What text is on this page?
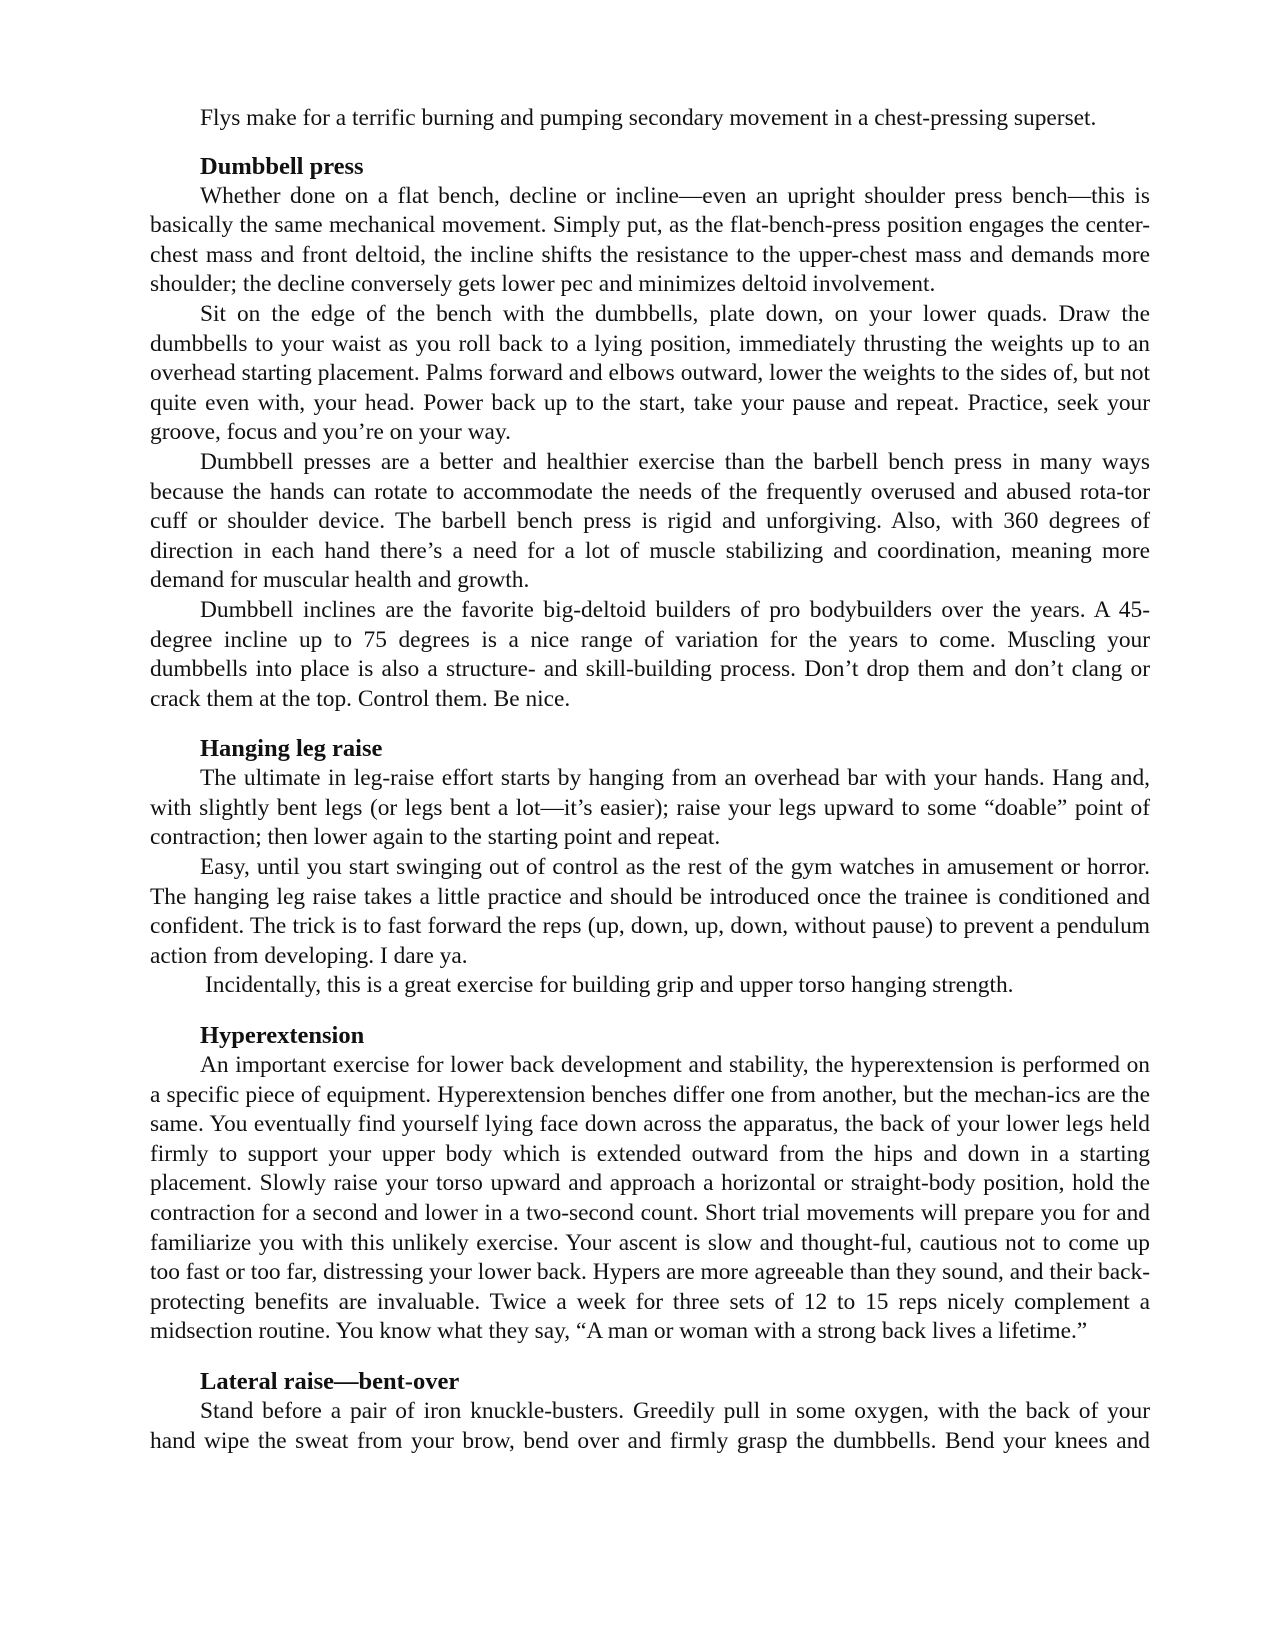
Flys make for a terrific burning and pumping secondary movement in a chest-pressing superset.

Dumbbell press

Whether done on a flat bench, decline or incline—even an upright shoulder press bench—this is basically the same mechanical movement. Simply put, as the flat-bench-press position engages the center-chest mass and front deltoid, the incline shifts the resistance to the upper-chest mass and demands more shoulder; the decline conversely gets lower pec and minimizes deltoid involvement.

Sit on the edge of the bench with the dumbbells, plate down, on your lower quads. Draw the dumbbells to your waist as you roll back to a lying position, immediately thrusting the weights up to an overhead starting placement. Palms forward and elbows outward, lower the weights to the sides of, but not quite even with, your head. Power back up to the start, take your pause and repeat. Practice, seek your groove, focus and you’re on your way.

Dumbbell presses are a better and healthier exercise than the barbell bench press in many ways because the hands can rotate to accommodate the needs of the frequently overused and abused rota-tor cuff or shoulder device. The barbell bench press is rigid and unforgiving. Also, with 360 degrees of direction in each hand there’s a need for a lot of muscle stabilizing and coordination, meaning more demand for muscular health and growth.

Dumbbell inclines are the favorite big-deltoid builders of pro bodybuilders over the years. A 45-degree incline up to 75 degrees is a nice range of variation for the years to come. Muscling your dumbbells into place is also a structure- and skill-building process. Don’t drop them and don’t clang or crack them at the top. Control them. Be nice.

Hanging leg raise

The ultimate in leg-raise effort starts by hanging from an overhead bar with your hands. Hang and, with slightly bent legs (or legs bent a lot—it’s easier); raise your legs upward to some “doable” point of contraction; then lower again to the starting point and repeat.

Easy, until you start swinging out of control as the rest of the gym watches in amusement or horror. The hanging leg raise takes a little practice and should be introduced once the trainee is conditioned and confident. The trick is to fast forward the reps (up, down, up, down, without pause) to prevent a pendulum action from developing. I dare ya.

Incidentally, this is a great exercise for building grip and upper torso hanging strength.

Hyperextension

An important exercise for lower back development and stability, the hyperextension is performed on a specific piece of equipment. Hyperextension benches differ one from another, but the mechan-ics are the same. You eventually find yourself lying face down across the apparatus, the back of your lower legs held firmly to support your upper body which is extended outward from the hips and down in a starting placement. Slowly raise your torso upward and approach a horizontal or straight-body position, hold the contraction for a second and lower in a two-second count. Short trial movements will prepare you for and familiarize you with this unlikely exercise. Your ascent is slow and thought-ful, cautious not to come up too fast or too far, distressing your lower back. Hypers are more agreeable than they sound, and their back-protecting benefits are invaluable. Twice a week for three sets of 12 to 15 reps nicely complement a midsection routine. You know what they say, “A man or woman with a strong back lives a lifetime.”

Lateral raise—bent-over

Stand before a pair of iron knuckle-busters. Greedily pull in some oxygen, with the back of your hand wipe the sweat from your brow, bend over and firmly grasp the dumbbells. Bend your knees and
